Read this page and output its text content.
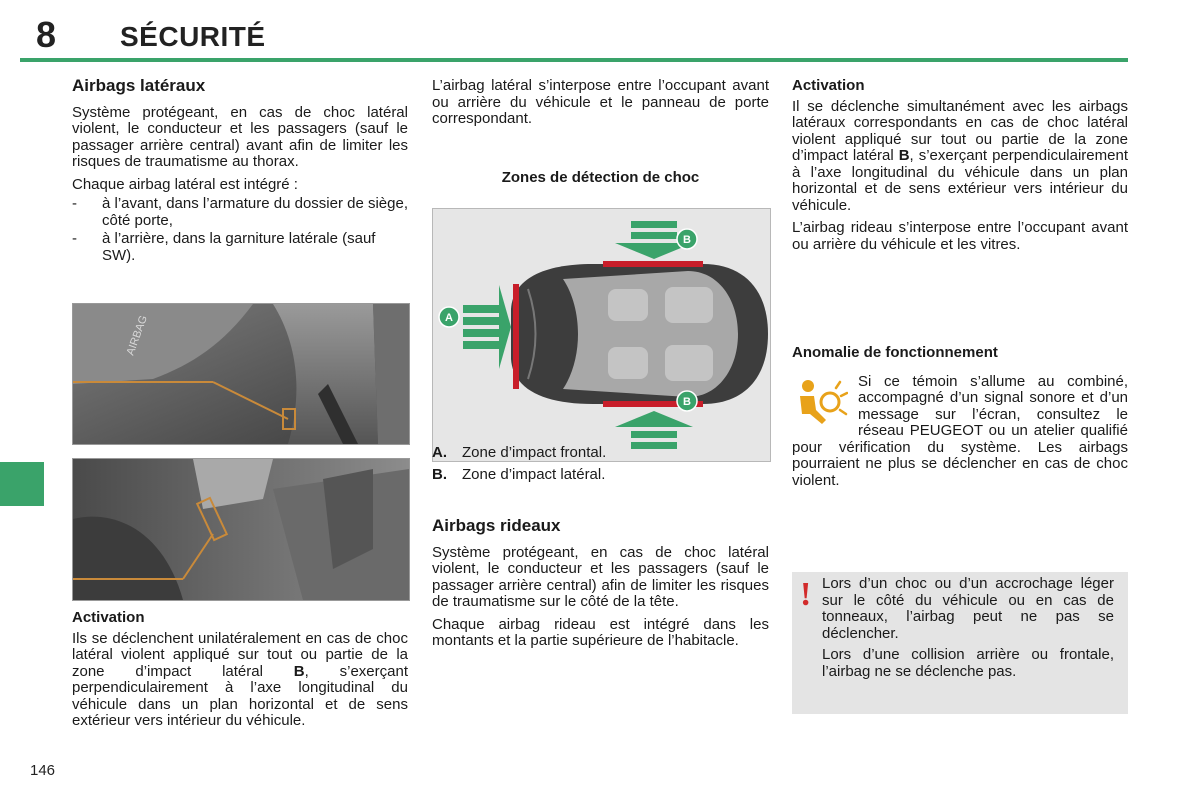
8 SÉCURITÉ
Airbags latéraux

Système protégeant, en cas de choc latéral violent, le conducteur et les passagers (sauf le passager arrière central) avant afin de limiter les risques de traumatisme au thorax.

Chaque airbag latéral est intégré :

- à l’avant, dans l’armature du dossier de siège, côté porte,
- à l’arrière, dans la garniture latérale (sauf SW).
AIRBAG
Activation

Ils se déclenchent unilatéralement en cas de choc latéral violent appliqué sur tout ou partie de la zone d’impact latéral B, s’exerçant perpendiculairement à l’axe longitudinal du véhicule dans un plan horizontal et de sens extérieur vers intérieur du véhicule.

L’airbag latéral s’interpose entre l’occupant avant ou arrière du véhicule et le panneau de porte correspondant.

Zones de détection de choc
A
B
B
A.	Zone d’impact frontal.
B.	Zone d’impact latéral.
Airbags rideaux

Système protégeant, en cas de choc latéral violent, le conducteur et les passagers (sauf le passager arrière central) afin de limiter les risques de traumatisme sur le côté de la tête.

Chaque airbag rideau est intégré dans les montants et la partie supérieure de l’habitacle.

Activation

Il se déclenche simultanément avec les airbags latéraux correspondants en cas de choc latéral violent appliqué sur tout ou partie de la zone d’impact latéral B, s’exerçant perpendiculairement à l’axe longitudinal du véhicule dans un plan horizontal et de sens extérieur vers intérieur du véhicule.

L’airbag rideau s’interpose entre l’occupant avant ou arrière du véhicule et les vitres.

Anomalie de fonctionnement

Si ce témoin s’allume au combiné, accompagné d’un signal sonore et d’un message sur l’écran, consultez le réseau PEUGEOT ou un atelier qualifié pour vérification du système. Les airbags pourraient ne plus se déclencher en cas de choc violent.

! Lors d’un choc ou d’un accrochage léger sur le côté du véhicule ou en cas de tonneaux, l’airbag peut ne pas se déclencher.

Lors d’une collision arrière ou frontale, l’airbag ne se déclenche pas.

146
